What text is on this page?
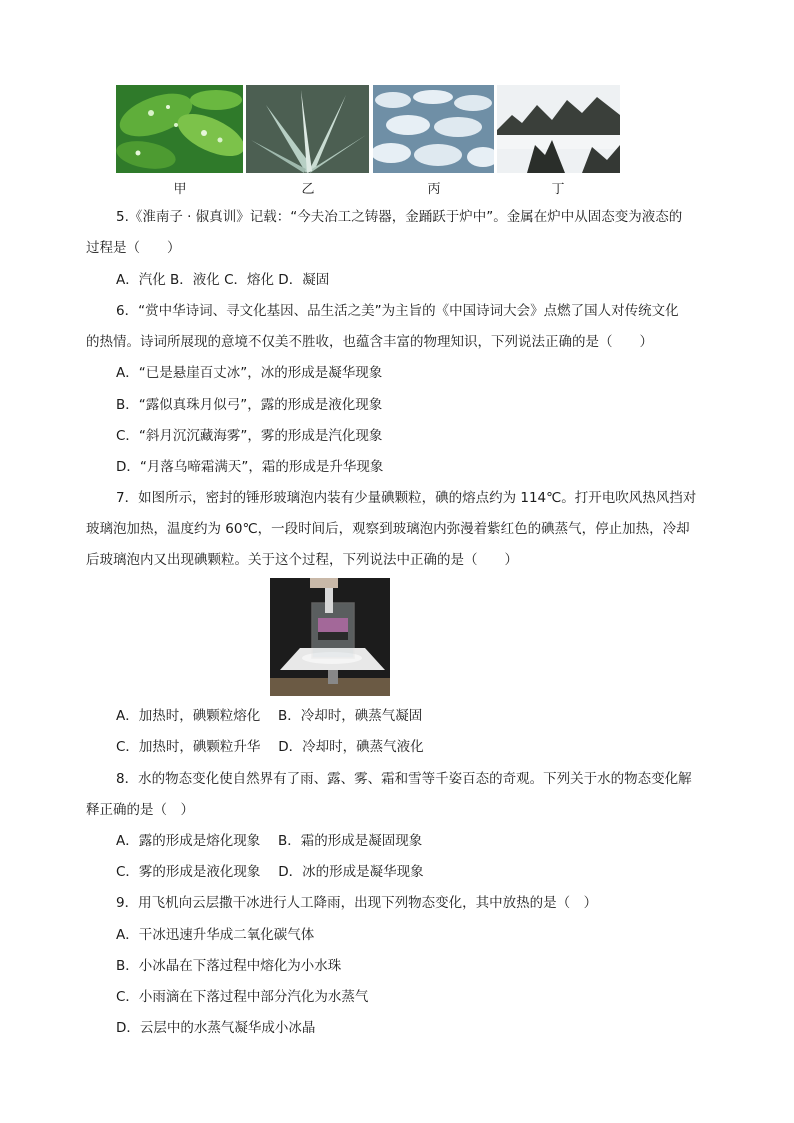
甲	乙	丙	丁
5.《淮南子 · 俶真训》记载：“今夫冶工之铸器，金踊跃于炉中”。金属在炉中从固态变为液态的
过程是（　　）
A．汽化 B．液化 C．熔化 D．凝固
6．“赏中华诗词、寻文化基因、品生活之美”为主旨的《中国诗词大会》点燃了国人对传统文化
的热情。诗词所展现的意境不仅美不胜收，也蕴含丰富的物理知识，下列说法正确的是（　　）
A．“已是悬崖百丈冰”，冰的形成是凝华现象
B．“露似真珠月似弓”，露的形成是液化现象
C．“斜月沉沉藏海雾”，雾的形成是汽化现象
D．“月落乌啼霜满天”，霜的形成是升华现象
7．如图所示，密封的锤形玻璃泡内装有少量碘颗粒，碘的熔点约为 114℃。打开电吹风热风挡对
玻璃泡加热，温度约为 60℃，一段时间后，观察到玻璃泡内弥漫着紫红色的碘蒸气，停止加热，冷却
后玻璃泡内又出现碘颗粒。关于这个过程，下列说法中正确的是（　　）
A．加热时，碘颗粒熔化　 B．冷却时，碘蒸气凝固
C．加热时，碘颗粒升华　 D．冷却时，碘蒸气液化
8．水的物态变化使自然界有了雨、露、雾、霜和雪等千姿百态的奇观。下列关于水的物态变化解
释正确的是（　）
A．露的形成是熔化现象　 B．霜的形成是凝固现象
C．雾的形成是液化现象　 D．冰的形成是凝华现象
9．用飞机向云层撒干冰进行人工降雨，出现下列物态变化，其中放热的是（　）
A．干冰迅速升华成二氧化碳气体
B．小冰晶在下落过程中熔化为小水珠
C．小雨滴在下落过程中部分汽化为水蒸气
D．云层中的水蒸气凝华成小冰晶
